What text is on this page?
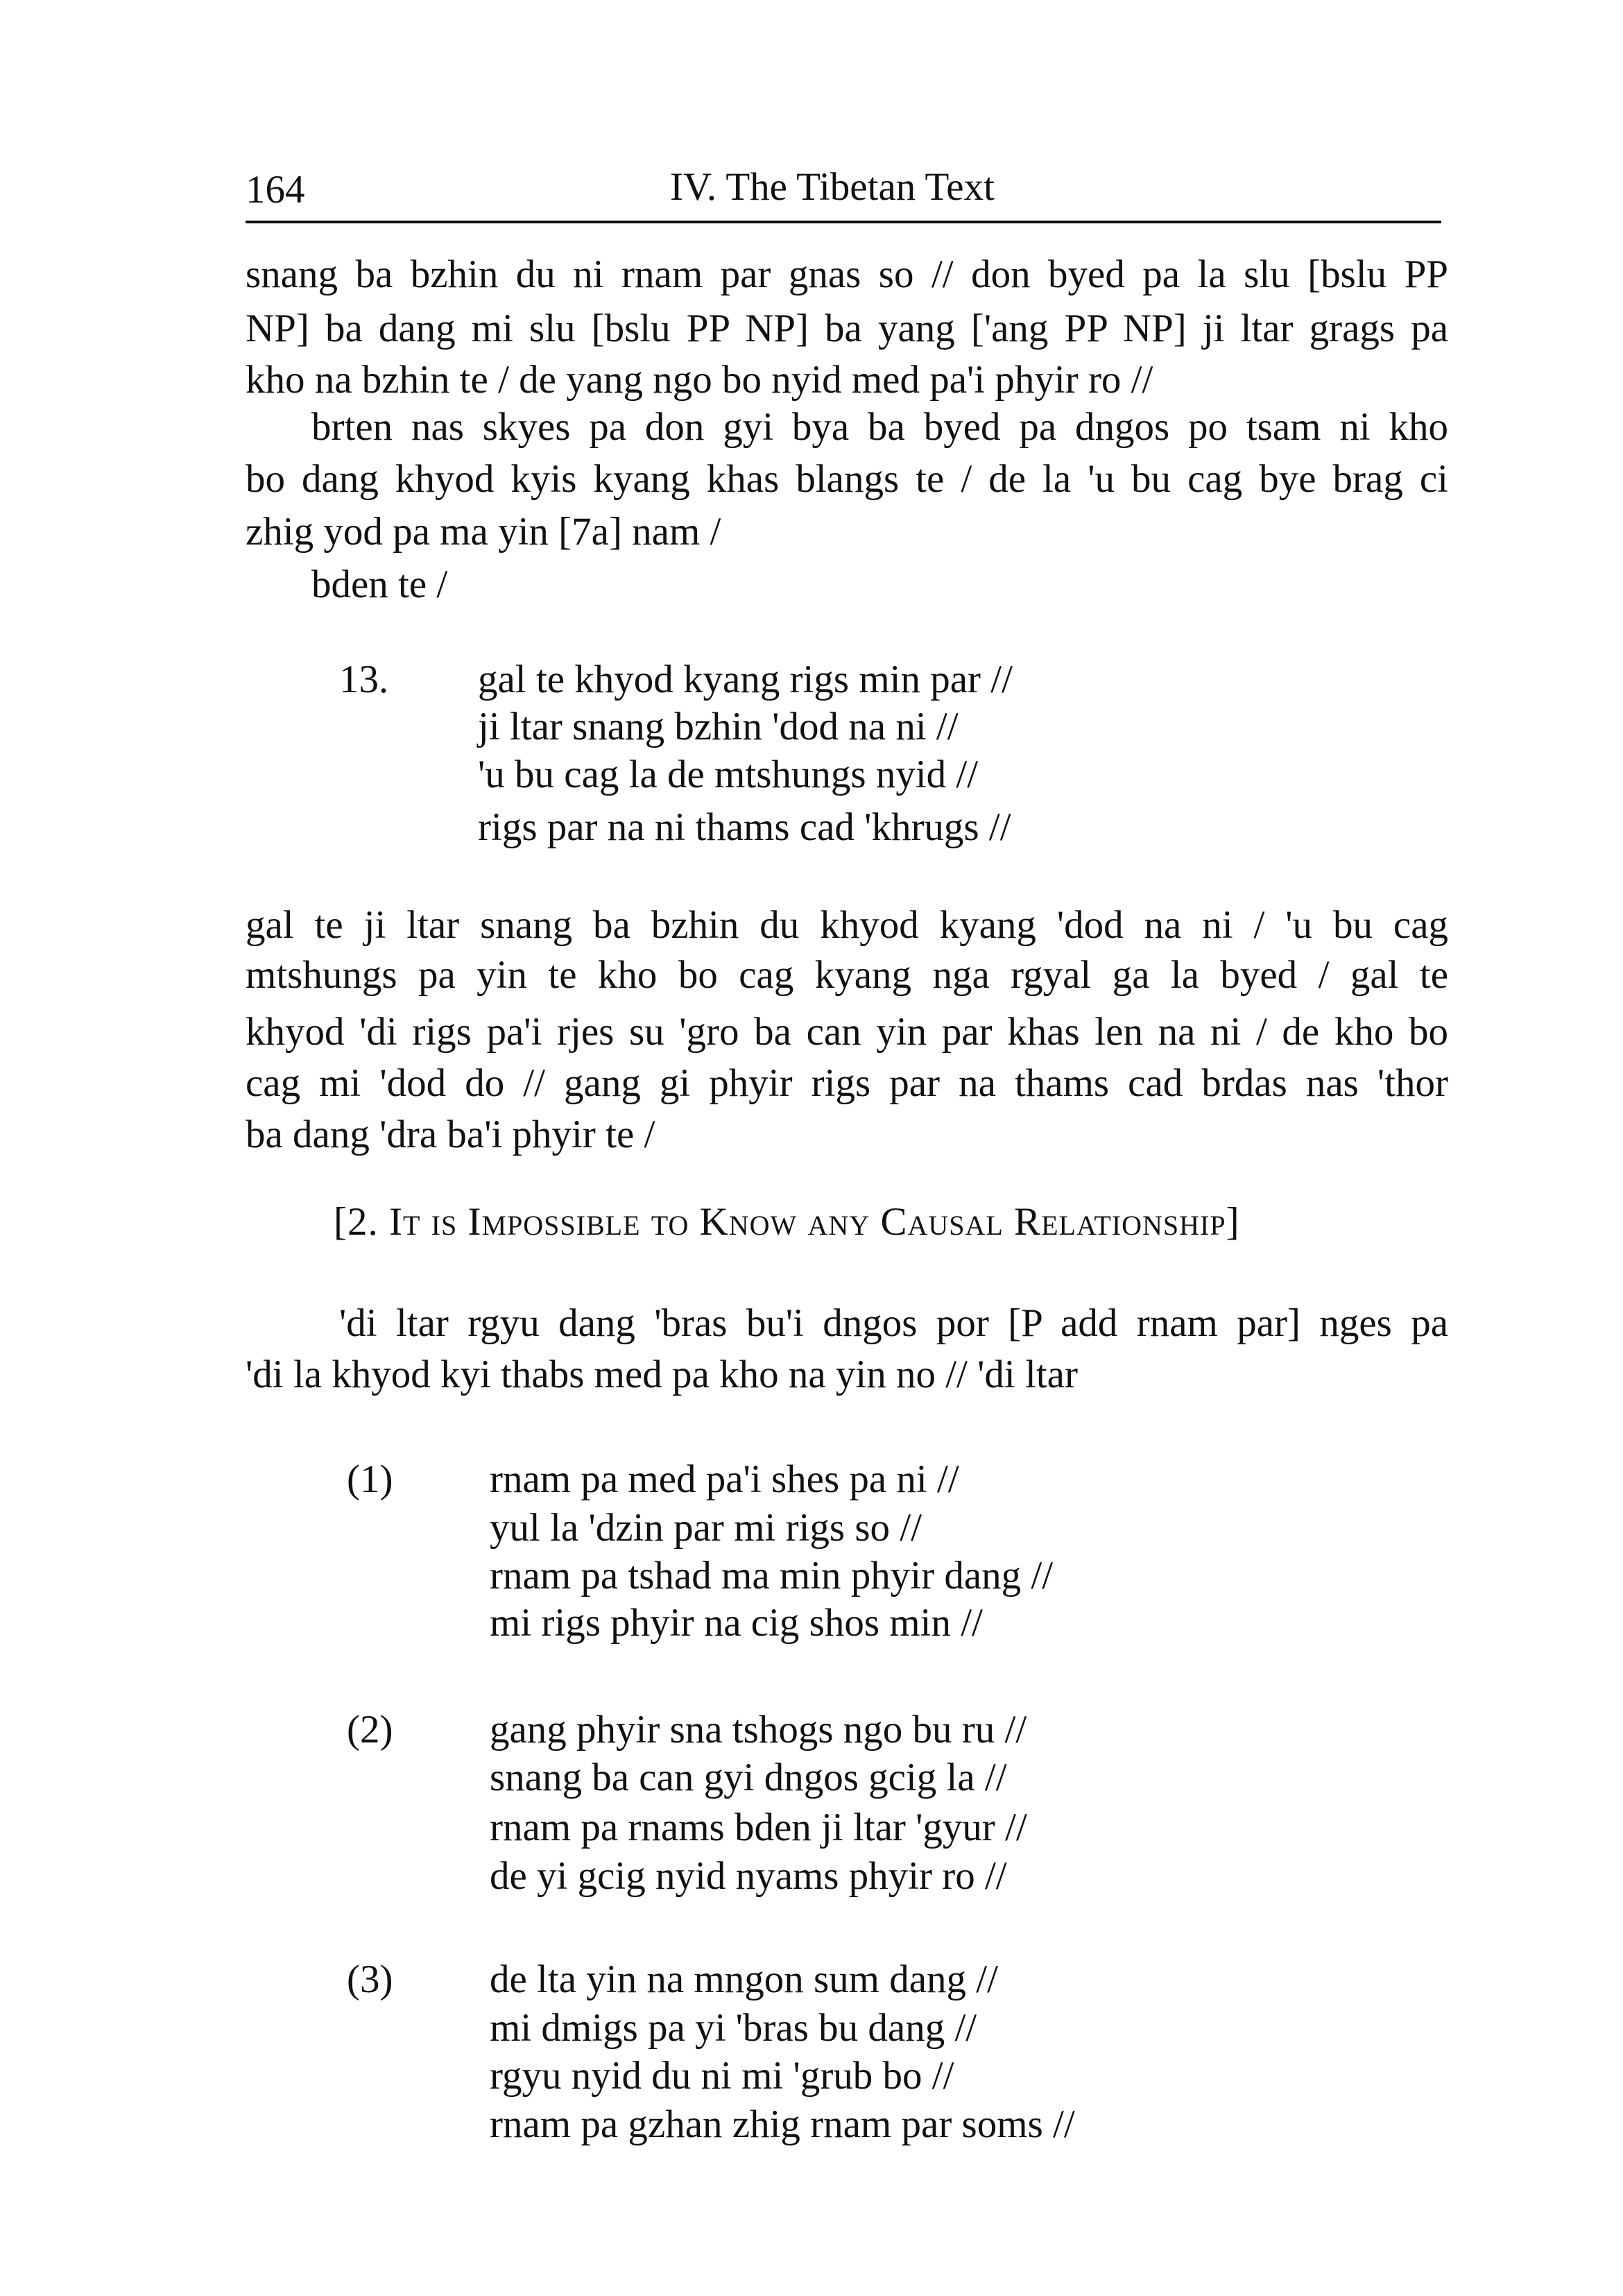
164	IV. The Tibetan Text
snang ba bzhin du ni rnam par gnas so // don byed pa la slu [bslu PP
NP] ba dang mi slu [bslu PP NP] ba yang ['ang PP NP] ji ltar grags pa
kho na bzhin te / de yang ngo bo nyid med pa'i phyir ro //
brten nas skyes pa don gyi bya ba byed pa dngos po tsam ni kho
bo dang khyod kyis kyang khas blangs te / de la 'u bu cag bye brag ci
zhig yod pa ma yin [7a] nam /
bden te /
13. gal te khyod kyang rigs min par //
ji ltar snang bzhin 'dod na ni //
'u bu cag la de mtshungs nyid //
rigs par na ni thams cad 'khrugs //
gal te ji ltar snang ba bzhin du khyod kyang 'dod na ni / 'u bu cag
mtshungs pa yin te kho bo cag kyang nga rgyal ga la byed / gal te
khyod 'di rigs pa'i rjes su 'gro ba can yin par khas len na ni / de kho bo
cag mi 'dod do // gang gi phyir rigs par na thams cad brdas nas 'thor
ba dang 'dra ba'i phyir te /
[2. It is Impossible to Know any Causal Relationship]
'di ltar rgyu dang 'bras bu'i dngos por [P add rnam par] nges pa
'di la khyod kyi thabs med pa kho na yin no // 'di ltar
(1) rnam pa med pa'i shes pa ni //
yul la 'dzin par mi rigs so //
rnam pa tshad ma min phyir dang //
mi rigs phyir na cig shos min //
(2) gang phyir sna tshogs ngo bu ru //
snang ba can gyi dngos gcig la //
rnam pa rnams bden ji ltar 'gyur //
de yi gcig nyid nyams phyir ro //
(3) de lta yin na mngon sum dang //
mi dmigs pa yi 'bras bu dang //
rgyu nyid du ni mi 'grub bo //
rnam pa gzhan zhig rnam par soms //
